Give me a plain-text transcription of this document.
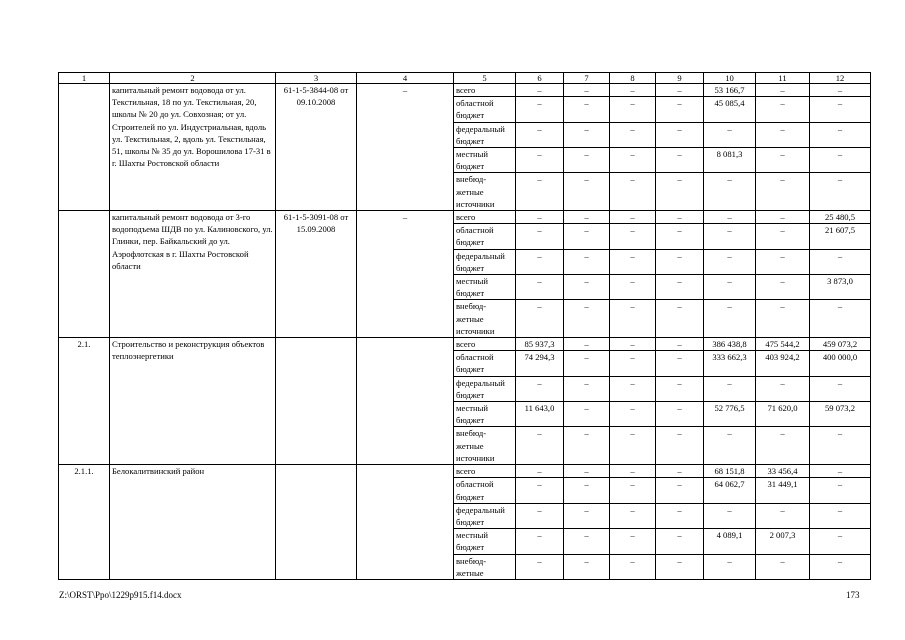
1	2	3	4	5	6	7	8	9	10	11	12
	капитальный ремонт водовода от ул. Текстильная, 18 по ул. Текстильная, 20, школы № 20 до ул. Совхозная; от ул. Строителей по ул. Индустриальная, вдоль ул. Текстильная, 2, вдоль ул. Текстильная, 51, школы № 35 до ул. Ворошилова 17-31 в г. Шахты Ростовской области	61-1-5-3844-08 от 09.10.2008	–	всего	–	–	–	–	53 166,7	–	–
				областной бюджет	–	–	–	–	45 085,4	–	–
				федеральный бюджет	–	–	–	–	–	–	–
				местный бюджет	–	–	–	–	8 081,3	–	–
				внебюд-жетные источники	–	–	–	–	–	–	–
	капитальный ремонт водовода от 3-го водоподъема ШДВ по ул. Калиновского, ул. Глинки, пер. Байкальский до ул. Аэрофлотская в г. Шахты Ростовской области	61-1-5-3091-08 от 15.09.2008	–	всего	–	–	–	–	–	–	25 480,5
				областной бюджет	–	–	–	–	–	–	21 607,5
				федеральный бюджет	–	–	–	–	–	–	–
				местный бюджет	–	–	–	–	–	–	3 873,0
				внебюд-жетные источники	–	–	–	–	–	–	–
2.1.	Строительство и реконструкция объектов теплоэнергетики			всего	85 937,3	–	–	–	386 438,8	475 544,2	459 073,2
				областной бюджет	74 294,3	–	–	–	333 662,3	403 924,2	400 000,0
				федеральный бюджет	–	–	–	–	–	–	–
				местный бюджет	11 643,0	–	–	–	52 776,5	71 620,0	59 073,2
				внебюд-жетные источники	–	–	–	–	–	–	–
2.1.1.	Белокалитвинский район			всего	–	–	–	–	68 151,8	33 456,4	–
				областной бюджет	–	–	–	–	64 062,7	31 449,1	–
				федеральный бюджет	–	–	–	–	–	–	–
				местный бюджет	–	–	–	–	4 089,1	2 007,3	–
				внебюд-жетные	–	–	–	–	–	–	–
Z:\ORST\Ppo\1229p915.f14.docx	173
